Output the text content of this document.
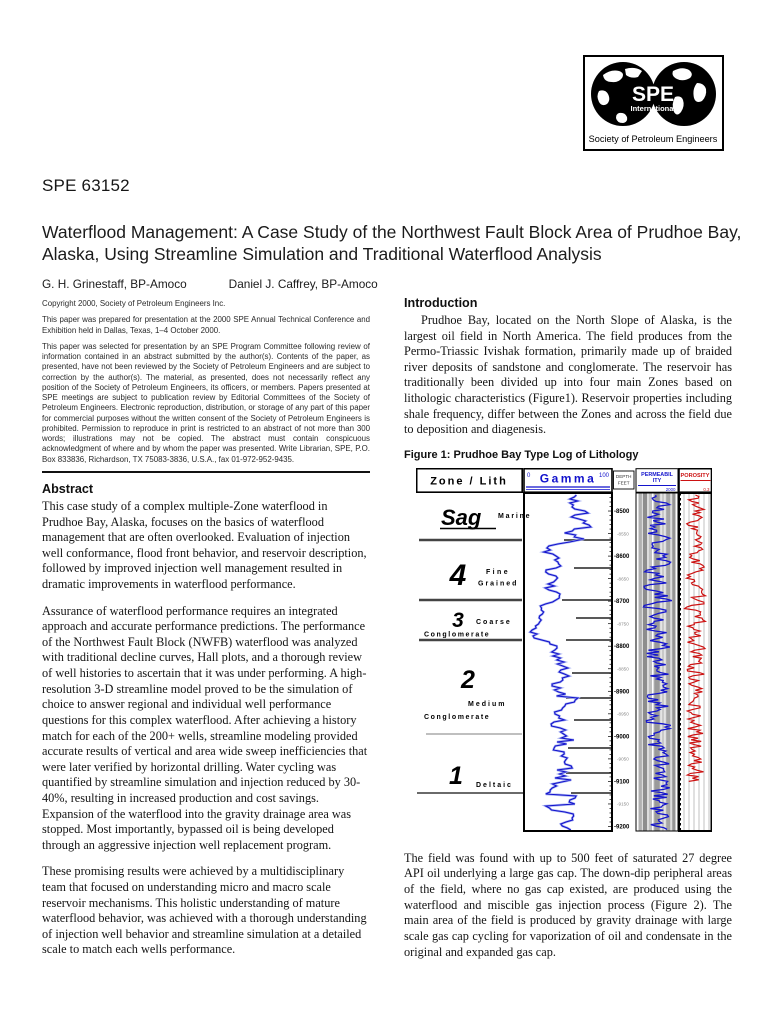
SPE
International
Society of Petroleum Engineers
SPE 63152
Waterflood Management: A Case Study of the Northwest Fault Block Area of Prudhoe Bay, Alaska, Using Streamline Simulation and Traditional Waterflood Analysis
G. H. Grinestaff, BP-Amoco	Daniel J. Caffrey, BP-Amoco

Copyright 2000, Society of Petroleum Engineers Inc.

This paper was prepared for presentation at the 2000 SPE Annual Technical Conference and Exhibition held in Dallas, Texas, 1–4 October 2000.

This paper was selected for presentation by an SPE Program Committee following review of information contained in an abstract submitted by the author(s). Contents of the paper, as presented, have not been reviewed by the Society of Petroleum Engineers and are subject to correction by the author(s). The material, as presented, does not necessarily reflect any position of the Society of Petroleum Engineers, its officers, or members. Papers presented at SPE meetings are subject to publication review by Editorial Committees of the Society of Petroleum Engineers. Electronic reproduction, distribution, or storage of any part of this paper for commercial purposes without the written consent of the Society of Petroleum Engineers is prohibited. Permission to reproduce in print is restricted to an abstract of not more than 300 words; illustrations may not be copied. The abstract must contain conspicuous acknowledgment of where and by whom the paper was presented. Write Librarian, SPE, P.O. Box 833836, Richardson, TX 75083-3836, U.S.A., fax 01-972-952-9435.

Abstract

This case study of a complex multiple-Zone waterflood in Prudhoe Bay, Alaska, focuses on the basics of waterflood management that are often overlooked. Evaluation of injection well conformance, flood front behavior, and reservoir description, followed by improved injection well management resulted in dramatic improvements in waterflood performance.

Assurance of waterflood performance requires an integrated approach and accurate performance predictions. The performance of the Northwest Fault Block (NWFB) waterflood was analyzed with traditional decline curves, Hall plots, and a thorough review of well histories to ascertain that it was under performing. A high-resolution 3-D streamline model proved to be the simulation of choice to answer regional and individual well performance questions for this complex waterflood. After achieving a history match for each of the 200+ wells, streamline modeling provided accurate results of vertical and area wide sweep inefficiencies that were later verified by horizontal drilling. Water cycling was quantified by streamline simulation and injection reduced by 30-40%, resulting in increased production and cost savings. Expansion of the waterflood into the gravity drainage area was stopped. Most importantly, bypassed oil is being developed through an aggressive injection well replacement program.

These promising results were achieved by a multidisciplinary team that focused on understanding micro and macro scale reservoir mechanisms. This holistic understanding of mature waterflood behavior, was achieved with a thorough understanding of injection well behavior and streamline simulation at a detailed scale to match each wells performance.

Introduction

Prudhoe Bay, located on the North Slope of Alaska, is the largest oil field in North America. The field produces from the Permo-Triassic Ivishak formation, primarily made up of braided river deposits of sandstone and conglomerate. The reservoir has traditionally been divided up into four main Zones based on lithologic characteristics (Figure1). Reservoir properties including shale frequency, differ between the Zones and across the field due to deposition and diagenesis.

Figure 1: Prudhoe Bay Type Log of Lithology
-8500
-8600
-8700
-8800
-8900
-9000
-9100
-9200
-8550
-8650
-8750
-8850
-8950
-9050
-9150
Zone / Lith	0 Gamma 100 DEPTH
FEET
PERMEABIL
ITY
2000
POROSITY
0.3
Sag Marine
4	Fine
Grained
3 Coarse
Conglomerate
2
Medium
Conglomerate
1 Deltaic

The field was found with up to 500 feet of saturated 27 degree API oil underlying a large gas cap. The down-dip peripheral areas of the field, where no gas cap existed, are produced using the waterflood and miscible gas injection process (Figure 2). The main area of the field is produced by gravity drainage with large scale gas cap cycling for vaporization of oil and condensate in the original and expanded gas cap.
